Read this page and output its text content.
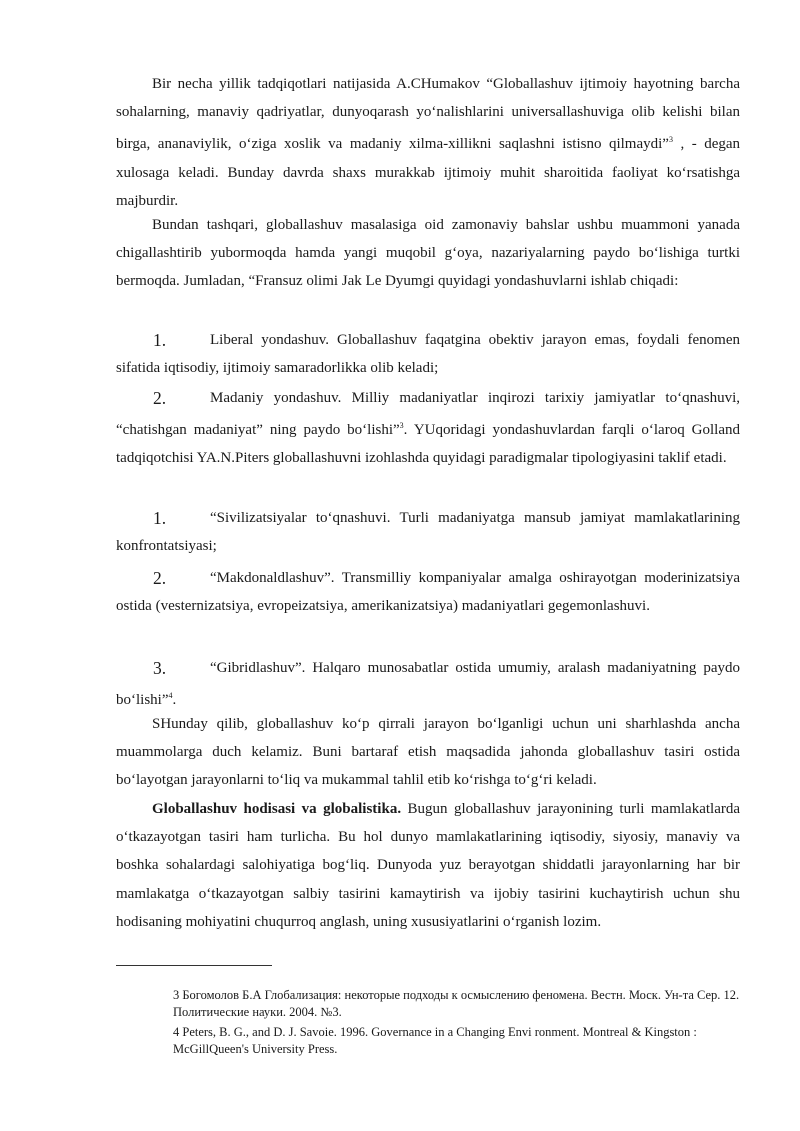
Bir necha yillik tadqiqotlari natijasida A.CHumakov “Globallashuv ijtimoiy hayotning barcha sohalarning, manaviy qadriyatlar, dunyoqarash yo‘nalishlarini universallashuviga olib kelishi bilan birga, ananaviylik, o‘ziga xoslik va madaniy xilma-xillikni saqlashni istisno qilmaydi”$^3$ , - degan xulosaga keladi. Bunday davrda shaxs murakkab ijtimoiy muhit sharoitida faoliyat ko‘rsatishga majburdir.

Bundan tashqari, globallashuv masalasiga oid zamonaviy bahslar ushbu muammoni yanada chigallashtirib yubormoqda hamda yangi muqobil g‘oya, nazariyalarning paydo bo‘lishiga turtki bermoqda. Jumladan, “Fransuz olimi Jak Le Dyumgi quyidagi yondashuvlarni ishlab chiqadi:

1.	Liberal yondashuv. Globallashuv faqatgina obektiv jarayon emas, foydali fenomen sifatida iqtisodiy, ijtimoiy samaradorlikka olib keladi;

2.	Madaniy yondashuv. Milliy madaniyatlar inqirozi tarixiy jamiyatlar to‘qnashuvi, “chatishgan madaniyat” ning paydo bo‘lishi”$^3$. YUqoridagi yondashuvlardan farqli o‘laroq Golland tadqiqotchisi YA.N.Piters globallashuvni izohlashda quyidagi paradigmalar tipologiyasini taklif etadi.

1.	“Sivilizatsiyalar to‘qnashuvi. Turli madaniyatga mansub jamiyat mamlakatlarining konfrontatsiyasi;

2.	“Makdonaldlashuv”. Transmilliy kompaniyalar amalga oshirayotgan moderinizatsiya ostida (vesternizatsiya, evropeizatsiya, amerikanizatsiya) madaniyatlari gegemonlashuvi.

3.	“Gibridlashuv”. Halqaro munosabatlar ostida umumiy, aralash madaniyatning paydo bo‘lishi”$^4$.

SHunday qilib, globallashuv ko‘p qirrali jarayon bo‘lganligi uchun uni sharhlashda ancha muammolarga duch kelamiz. Buni bartaraf etish maqsadida jahonda globallashuv tasiri ostida bo‘layotgan jarayonlarni to‘liq va mukammal tahlil etib ko‘rishga to‘g‘ri keladi.

Globallashuv hodisasi va globalistika. Bugun globallashuv jarayonining turli mamlakatlarda o‘tkazayotgan tasiri ham turlicha. Bu hol dunyo mamlakatlarining iqtisodiy, siyosiy, manaviy va boshka sohalardagi salohiyatiga bog‘liq. Dunyoda yuz berayotgan shiddatli jarayonlarning har bir mamlakatga o‘tkazayotgan salbiy tasirini kamaytirish va ijobiy tasirini kuchaytirish uchun shu hodisaning mohiyatini chuqurroq anglash, uning xususiyatlarini o‘rganish lozim.

3 Богомолов Б.А Глобализация: некоторые подходы к осмыслению феномена. Вестн. Моск. Ун-та Сер. 12. Политические науки. 2004. №3.

4 Peters, B. G., and D. J. Savoie. 1996. Governance in a Changing Envi ronment. Montreal & Kingston : McGillQueen's University Press.
